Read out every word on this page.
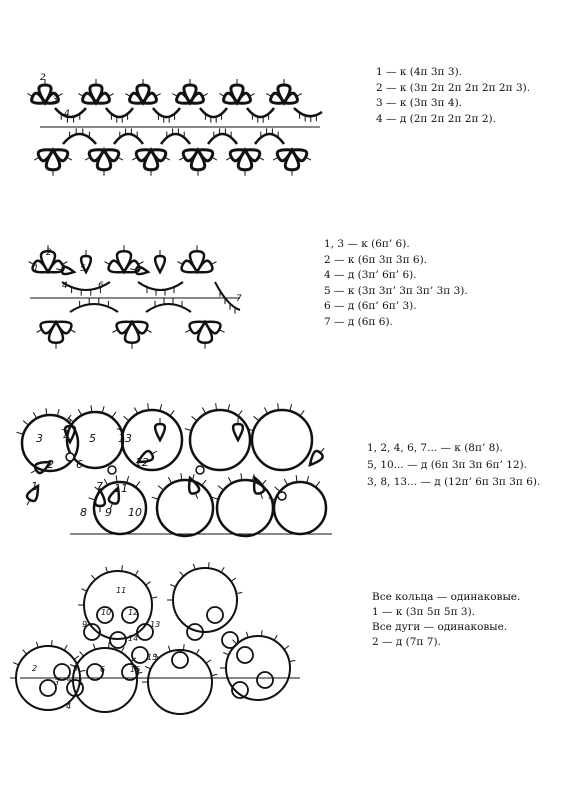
2
1 3
4
1 — к (4п 3п 3).
2 — к (3п 2п 2п 2п 2п 2п 3).
3 — к (3п 3п 4).
4 — д (2п 2п 2п 2п 2).
2
1 3 5
4	6
7
1, 3 — к (6п’ 6).
2 — к (6п 3п 3п 6).
4 — д (3п’ 6п’ 6).
5 — к (3п 3п’ 3п 3п’ 3п 3).
6 — д (6п’ 6п’ 3).
7 — д (6п 6).
3 4 5 13
2	12
1
6
7 11
8 9 10
1, 2, 4, 6, 7... — к (8п’ 8).
5, 10... — д (6п 3п 3п 6п’ 12).
3, 8, 13... — д (12п’ 6п 3п 3п 6).
11
10 12
9	13
14
15
16
2	5	6
3 1
4
Все кольца — одинаковые.
1 — к (3п 5п 5п 3).
Все дуги — одинаковые.
2 — д (7п 7).
